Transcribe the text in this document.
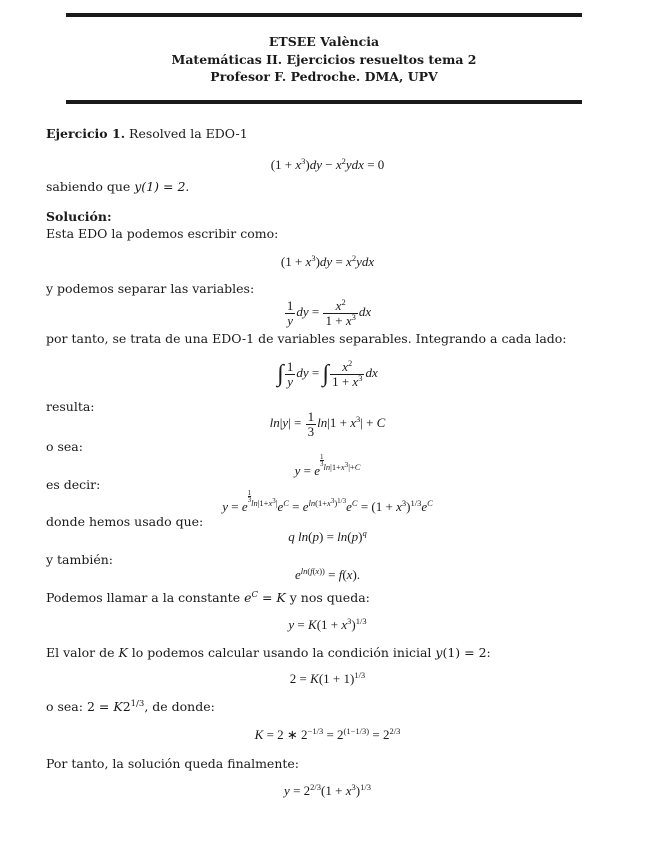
ETSEE València
Matemáticas II. Ejercicios resueltos tema 2
Profesor F. Pedroche. DMA, UPV
Ejercicio 1. Resolved la EDO-1
$(1 + x^3)dy - x^2ydx = 0$
sabiendo que y(1) = 2.
Solución:
Esta EDO la podemos escribir como:
$(1 + x^3)dy = x^2ydx$
y podemos separar las variables:
$\frac{1}{y}$ dy = $\frac{x^2}{1 + x^3}$ dx
por tanto, se trata de una EDO-1 de variables separables. Integrando a cada lado:
∫ $\frac{1}{y}$ dy = ∫ $\frac{x^2}{1 + x^3}$ dx
resulta:
$\ln|y| = \frac{1}{3} \ln|1 + x^3| + C$
o sea:
y = e
$^{\frac{1}{3} ln|1+x^3|+C}$
es decir:
y = e
$^{\frac{1}{3} ln|1+x^3|}e^C = e^{ln(1+x^3)^{1/3}}e^C = (1 + x^3)^{1/3}e^C$
donde hemos usado que:
q $\ln(p) = \ln(p)^q$
y también:
$e^{ln(f(x))} = f(x)$.
Podemos llamar a la constante $e^C = K$ y nos queda:
$y = K(1 + x^3)^{1/3}$
El valor de K lo podemos calcular usando la condición inicial y(1) = 2:
$2 = K(1 + 1)^{1/3}$
o sea: $2 = K2^{1/3}$, de donde:
K = 2 ∗ $2^{-1/3} = 2^{(1-1/3)} = 2^{2/3}$
Por tanto, la solución queda finalmente:
$y = 2^{2/3}(1 + x^3)^{1/3}$
